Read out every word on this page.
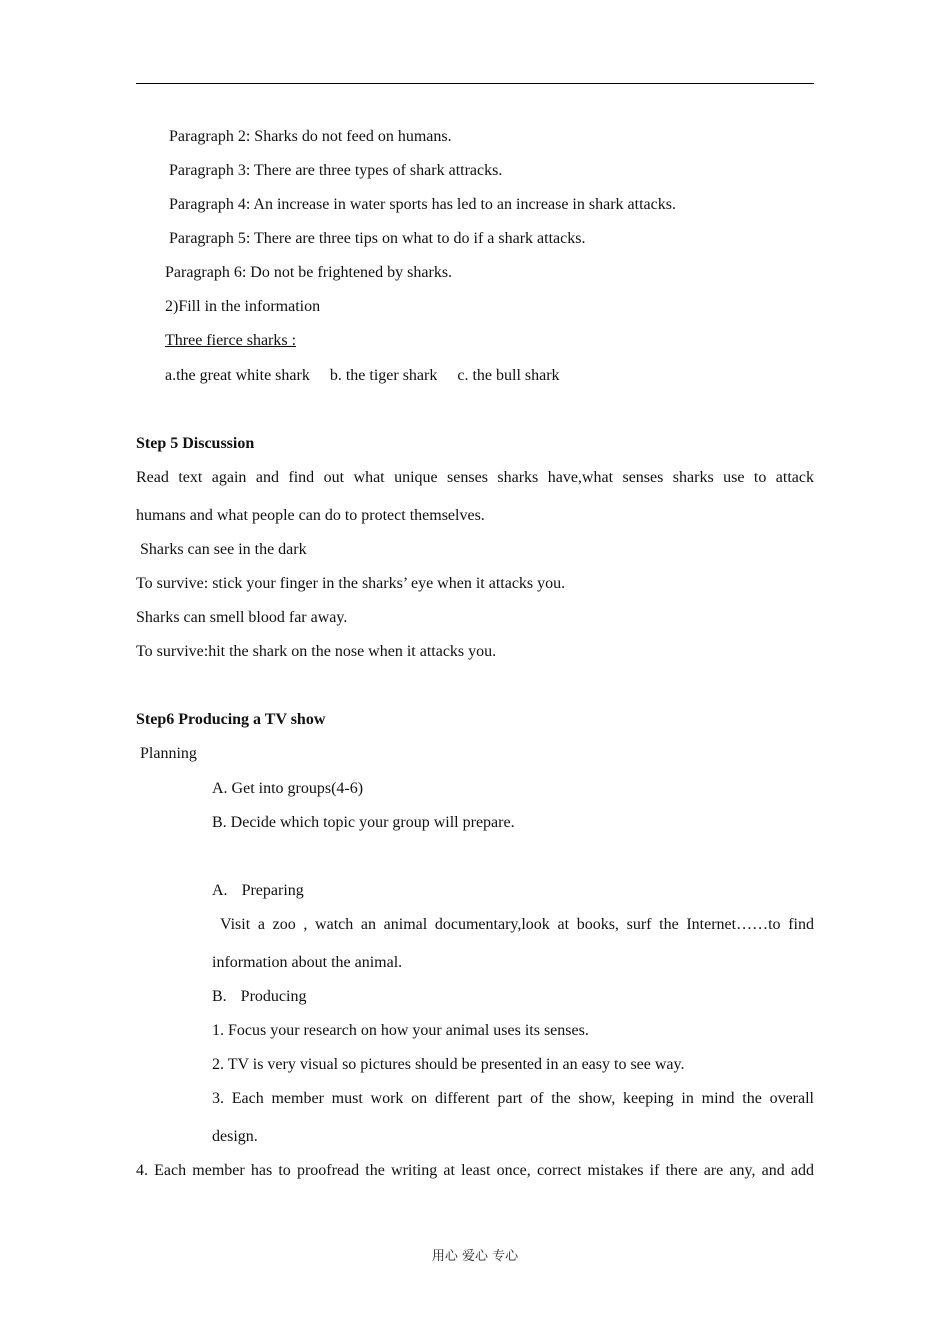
Paragraph 2: Sharks do not feed on humans.
Paragraph 3: There are three types of shark attracks.
Paragraph 4: An increase in water sports has led to an increase in shark attacks.
Paragraph 5: There are three tips on what to do if a shark attacks.
Paragraph 6: Do not be frightened by sharks.
2)Fill in the information
Three fierce sharks :
a.the great white shark b. the tiger shark c. the bull shark
Step 5 Discussion
Read text again and find out what unique senses sharks have,what senses sharks use to attack
humans and what people can do to protect themselves.
Sharks can see in the dark
To survive: stick your finger in the sharks’ eye when it attacks you.
Sharks can smell blood far away.
To survive:hit the shark on the nose when it attacks you.
Step6 Producing a TV show
Planning
A. Get into groups(4-6)
B. Decide which topic your group will prepare.
A. Preparing
Visit a zoo , watch an animal documentary,look at books, surf the Internet……to find
information about the animal.
B. Producing
1. Focus your research on how your animal uses its senses.
2. TV is very visual so pictures should be presented in an easy to see way.
3. Each member must work on different part of the show, keeping in mind the overall
design.
4. Each member has to proofread the writing at least once, correct mistakes if there are any, and add
用心 爱心 专心
